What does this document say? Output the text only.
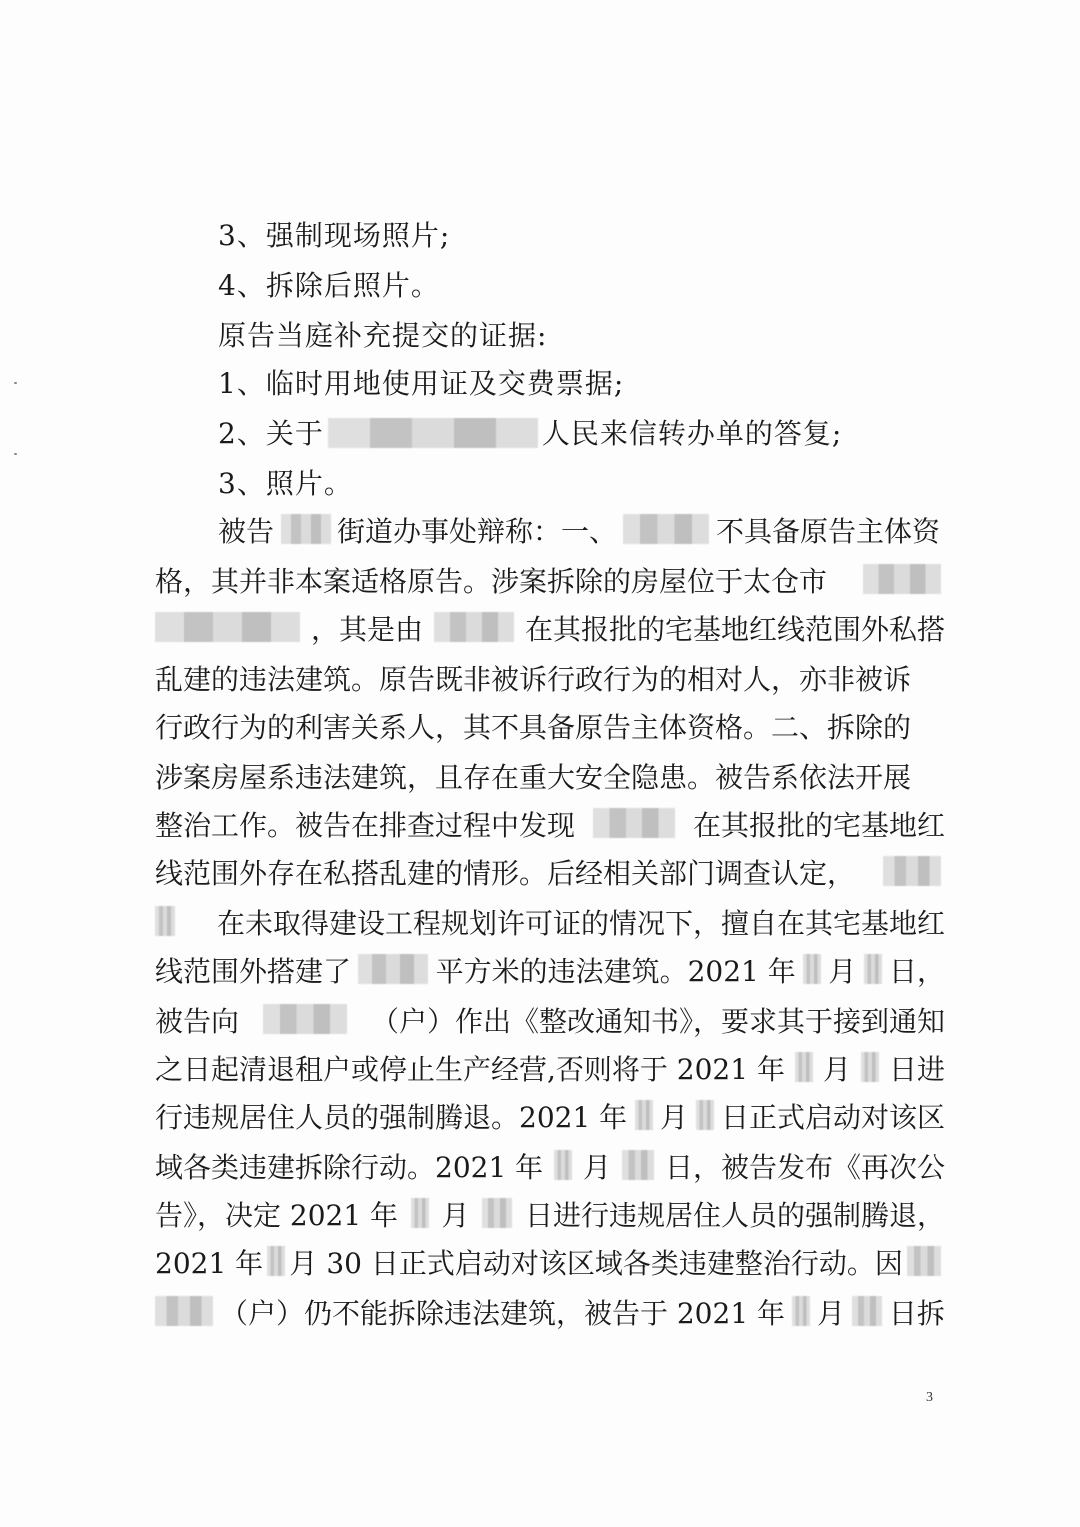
3、强制现场照片;
4、拆除后照片。
原告当庭补充提交的证据:
1、临时用地使用证及交费票据;
2、关于	人民来信转办单的答复;
3、照片。
被告 街道办事处辩称：一、	不具备原告主体资
格，其并非本案适格原告。涉案拆除的房屋位于太仓市
，其是由	在其报批的宅基地红线范围外私搭
乱建的违法建筑。原告既非被诉行政行为的相对人，亦非被诉
行政行为的利害关系人，其不具备原告主体资格。二、拆除的
涉案房屋系违法建筑，且存在重大安全隐患。被告系依法开展
整治工作。被告在排查过程中发现	在其报批的宅基地红
线范围外存在私搭乱建的情形。后经相关部门调查认定，
在未取得建设工程规划许可证的情况下，擅自在其宅基地红
线范围外搭建了	平方米的违法建筑。2021 年 月 日，
被告向	（户）作出《整改通知书》，要求其于接到通知
之日起清退租户或停止生产经营,否则将于 2021 年 月 日进
行违规居住人员的强制腾退。2021 年 月 日正式启动对该区
域各类违建拆除行动。2021 年 月 日，被告发布《再次公
告》，决定 2021 年 月 日进行违规居住人员的强制腾退，
2021 年 月 30 日正式启动对该区域各类违建整治行动。因
（户）仍不能拆除违法建筑，被告于 2021 年 月 日拆
3
